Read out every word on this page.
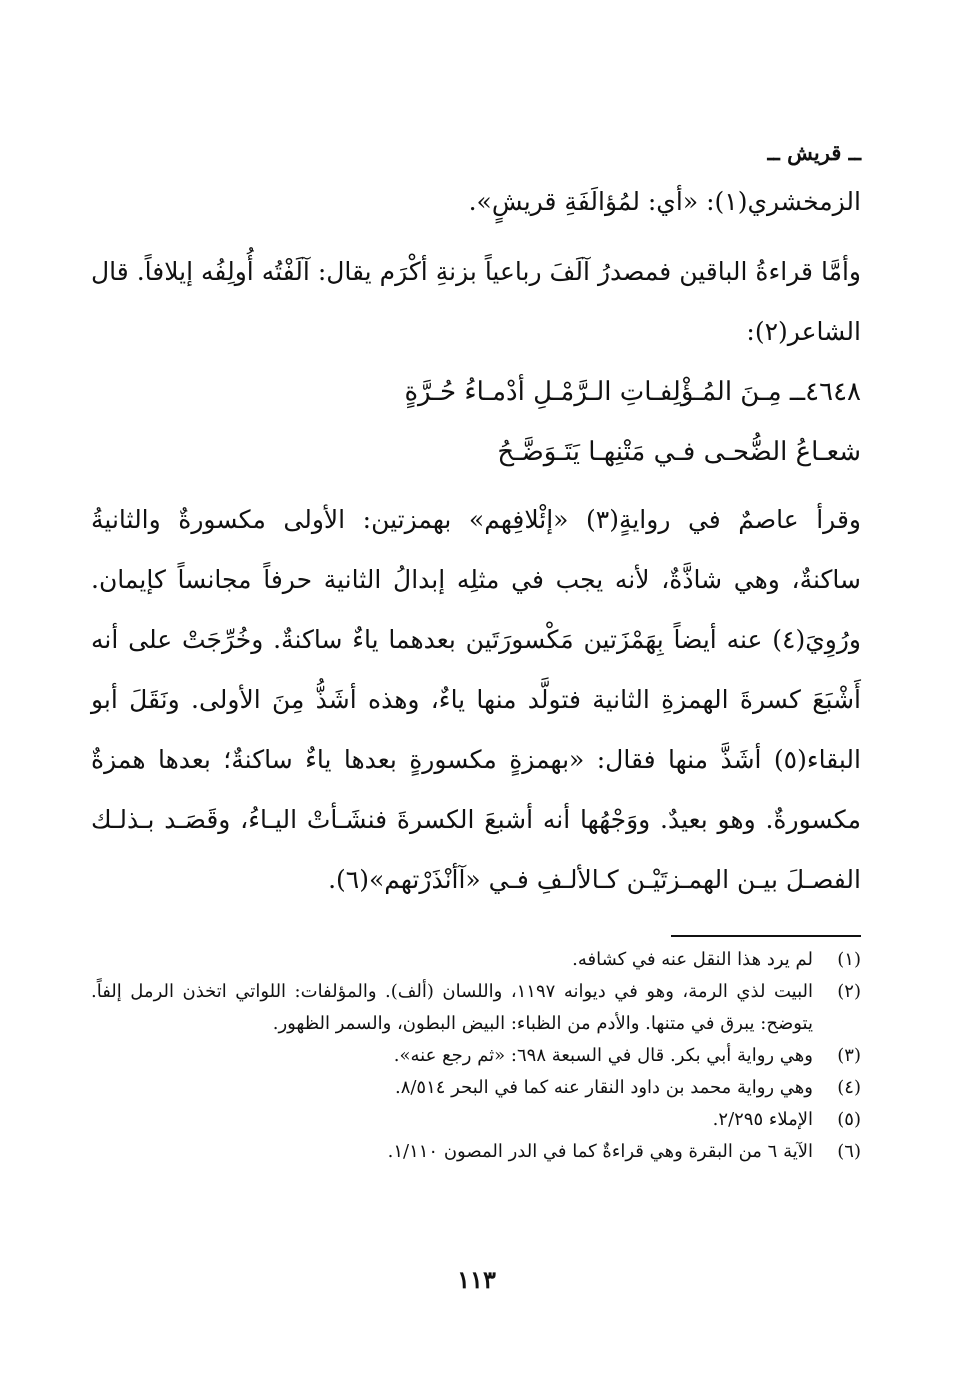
ــ قريش ــ

الزمخشري(١): «أي: لمُؤالَفَةِ قريشٍ».

وأمَّا قراءةُ الباقين فمصدرُ آلَفَ رباعياً بزنةِ أكْرَم يقال: آلَفْتُه أُولِفُه إيلافاً. قال الشاعر(٢):

٤٦٤٨ــ مِـنَ المُـؤْلِفـاتِ الـرَّمْـلِ أدْمـاءُ حُـرَّةٍ

شعـاعُ الضُّحـى فـي مَتْنِهـا يَتَـوَضَّـحُ

وقرأ عاصمٌ في روايةٍ(٣) «إئْلافِهم» بهمزتين: الأولى مكسورةٌ والثانيةُ ساكنةٌ، وهي شاذَّةٌ، لأنه يجب في مثلِه إبدالُ الثانية حرفاً مجانساً كإيمان. ورُوِيَ(٤) عنه أيضاً بِهَمْزَتين مَكْسورَتَين بعدهما ياءٌ ساكنةٌ. وخُرِّجَتْ على أنه أَشْبَعَ كسرةَ الهمزةِ الثانية فتولَّد منها ياءٌ، وهذه أشَذُّ مِنَ الأولى. ونَقَلَ أبو البقاء(٥) أشَذَّ منها فقال: «بهمزةٍ مكسورةٍ بعدها ياءٌ ساكنةٌ؛ بعدها همزةٌ مكسورةٌ. وهو بعيدٌ. ووَجْهُها أنه أشبعَ الكسرةَ فنشَـأتْ اليـاءُ، وقَصَـد بـذلـك الفصـلَ بيـن الهمـزتَيْـن كـالألـفِ فـي «آأنْذَرْتهم»(٦).

(١)
لم يرد هذا النقل عنه في كشافه.
(٢)
البيت لذي الرمة، وهو في ديوانه ١١٩٧، واللسان (ألف). والمؤلفات: اللواتي اتخذن الرمل إلفاً. يتوضح: يبرق في متنها. والأدم من الظباء: البيض البطون، والسمر الظهور.
(٣)
وهي رواية أبي بكر. قال في السبعة ٦٩٨: «ثم رجع عنه».
(٤)
وهي رواية محمد بن داود النقار عنه كما في البحر ٨/٥١٤.
(٥)
الإملاء ٢/٢٩٥.
(٦)
الآية ٦ من البقرة وهي قراءةٌ كما في الدر المصون ١/١١٠.
١١٣
